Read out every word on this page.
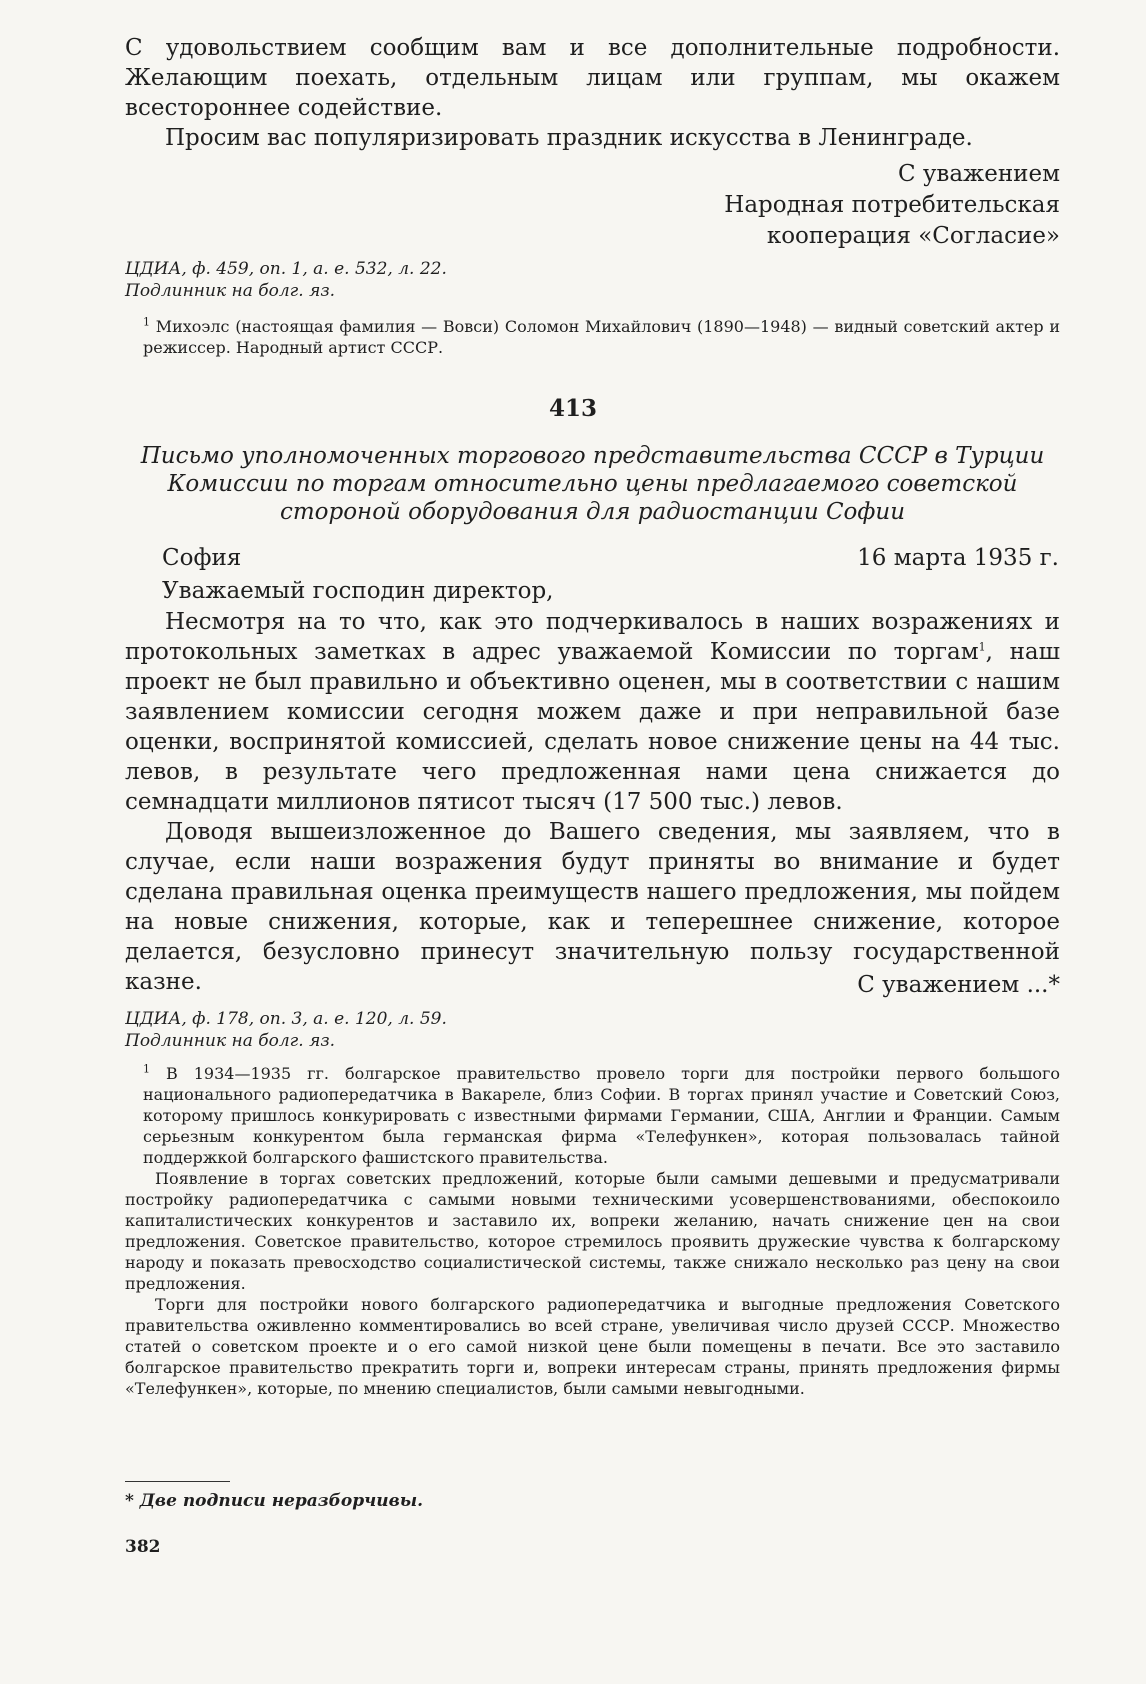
С удовольствием сообщим вам и все дополнительные подробности. Желающим поехать, отдельным лицам или группам, мы окажем всестороннее содействие.

Просим вас популяризировать праздник искусства в Ленинграде.

С уважением
Народная потребительская
кооперация «Согласие»
ЦДИА, ф. 459, оп. 1, а. е. 532, л. 22.
Подлинник на болг. яз.
$^1$ Михоэлс (настоящая фамилия — Вовси) Соломон Михайлович (1890—1948) — видный советский актер и режиссер. Народный артист СССР.
413
Письмо уполномоченных торгового представительства СССР в Турции Комиссии по торгам относительно цены предлагаемого советской стороной оборудования для радиостанции Софии
София	16 марта 1935 г.
Уважаемый господин директор,

Несмотря на то что, как это подчеркивалось в наших возражениях и протокольных заметках в адрес уважаемой Комиссии по торгам$^1$, наш проект не был правильно и объективно оценен, мы в соответствии с нашим заявлением комиссии сегодня можем даже и при неправильной базе оценки, воспринятой комиссией, сделать новое снижение цены на 44 тыс. левов, в результате чего предложенная нами цена снижается до семнадцати миллионов пятисот тысяч (17 500 тыс.) левов.

Доводя вышеизложенное до Вашего сведения, мы заявляем, что в случае, если наши возражения будут приняты во внимание и будет сделана правильная оценка преимуществ нашего предложения, мы пойдем на новые снижения, которые, как и теперешнее снижение, которое делается, безусловно принесут значительную пользу государственной казне.	С уважением ...*
ЦДИА, ф. 178, оп. 3, а. е. 120, л. 59.
Подлинник на болг. яз.

$^1$ В 1934—1935 гг. болгарское правительство провело торги для постройки первого большого национального радиопередатчика в Вакареле, близ Софии. В торгах принял участие и Советский Союз, которому пришлось конкурировать с известными фирмами Германии, США, Англии и Франции. Самым серьезным конкурентом была германская фирма «Телефункен», которая пользовалась тайной поддержкой болгарского фашистского правительства.

Появление в торгах советских предложений, которые были самыми дешевыми и предусматривали постройку радиопередатчика с самыми новыми техническими усовершенствованиями, обеспокоило капиталистических конкурентов и заставило их, вопреки желанию, начать снижение цен на свои предложения. Советское правительство, которое стремилось проявить дружеские чувства к болгарскому народу и показать превосходство социалистической системы, также снижало несколько раз цену на свои предложения.

Торги для постройки нового болгарского радиопередатчика и выгодные предложения Советского правительства оживленно комментировались во всей стране, увеличивая число друзей СССР. Множество статей о советском проекте и о его самой низкой цене были помещены в печати. Все это заставило болгарское правительство прекратить торги и, вопреки интересам страны, принять предложения фирмы «Телефункен», которые, по мнению специалистов, были самыми невыгодными.

* Две подписи неразборчивы.
382
